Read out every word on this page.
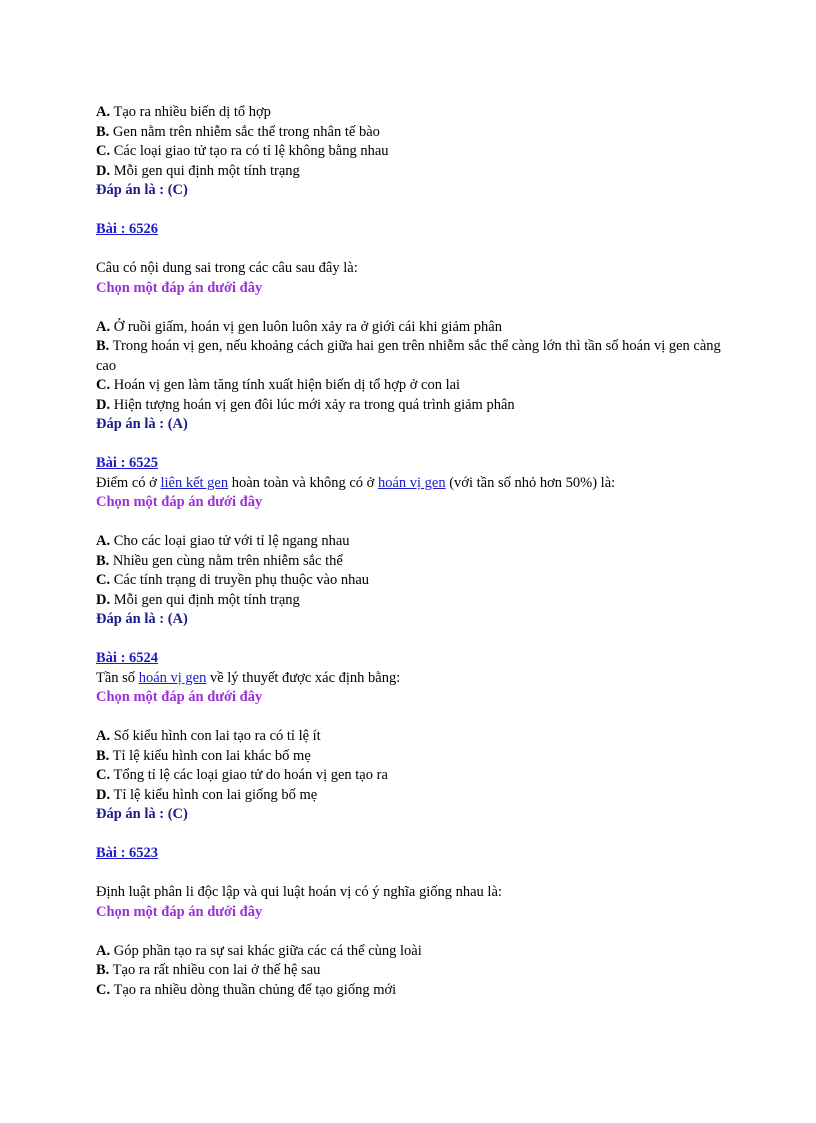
A. Tạo ra nhiều biến dị tổ hợp
B. Gen nằm trên nhiễm sắc thể trong nhân tế bào
C. Các loại giao tử tạo ra có tỉ lệ không bằng nhau
D. Mỗi gen qui định một tính trạng
Đáp án là : (C)
Bài : 6526
Câu có nội dung sai trong các câu sau đây là:
Chọn một đáp án dưới đây
A. Ở ruồi giấm, hoán vị gen luôn luôn xảy ra ở giới cái khi giảm phân
B. Trong hoán vị gen, nếu khoảng cách giữa hai gen trên nhiễm sắc thể càng lớn thì tần số hoán vị gen càng cao
C. Hoán vị gen làm tăng tính xuất hiện biến dị tổ hợp ở con lai
D. Hiện tượng hoán vị gen đôi lúc mới xảy ra trong quá trình giảm phân
Đáp án là : (A)
Bài : 6525
Điểm có ở liên kết gen hoàn toàn và không có ở hoán vị gen (với tần số nhỏ hơn 50%) là:
Chọn một đáp án dưới đây
A. Cho các loại giao tử với tỉ lệ ngang nhau
B. Nhiều gen cùng nằm trên nhiễm sắc thể
C. Các tính trạng di truyền phụ thuộc vào nhau
D. Mỗi gen qui định một tính trạng
Đáp án là : (A)
Bài : 6524
Tần số hoán vị gen về lý thuyết được xác định bằng:
Chọn một đáp án dưới đây
A. Số kiểu hình con lai tạo ra có tỉ lệ ít
B. Tỉ lệ kiểu hình con lai khác bố mẹ
C. Tổng tỉ lệ các loại giao tử do hoán vị gen tạo ra
D. Tỉ lệ kiểu hình con lai giống bố mẹ
Đáp án là : (C)
Bài : 6523
Định luật phân li độc lập và qui luật hoán vị có ý nghĩa giống nhau là:
Chọn một đáp án dưới đây
A. Góp phần tạo ra sự sai khác giữa các cá thể cùng loài
B. Tạo ra rất nhiều con lai ở thế hệ sau
C. Tạo ra nhiều dòng thuần chủng để tạo giống mới
